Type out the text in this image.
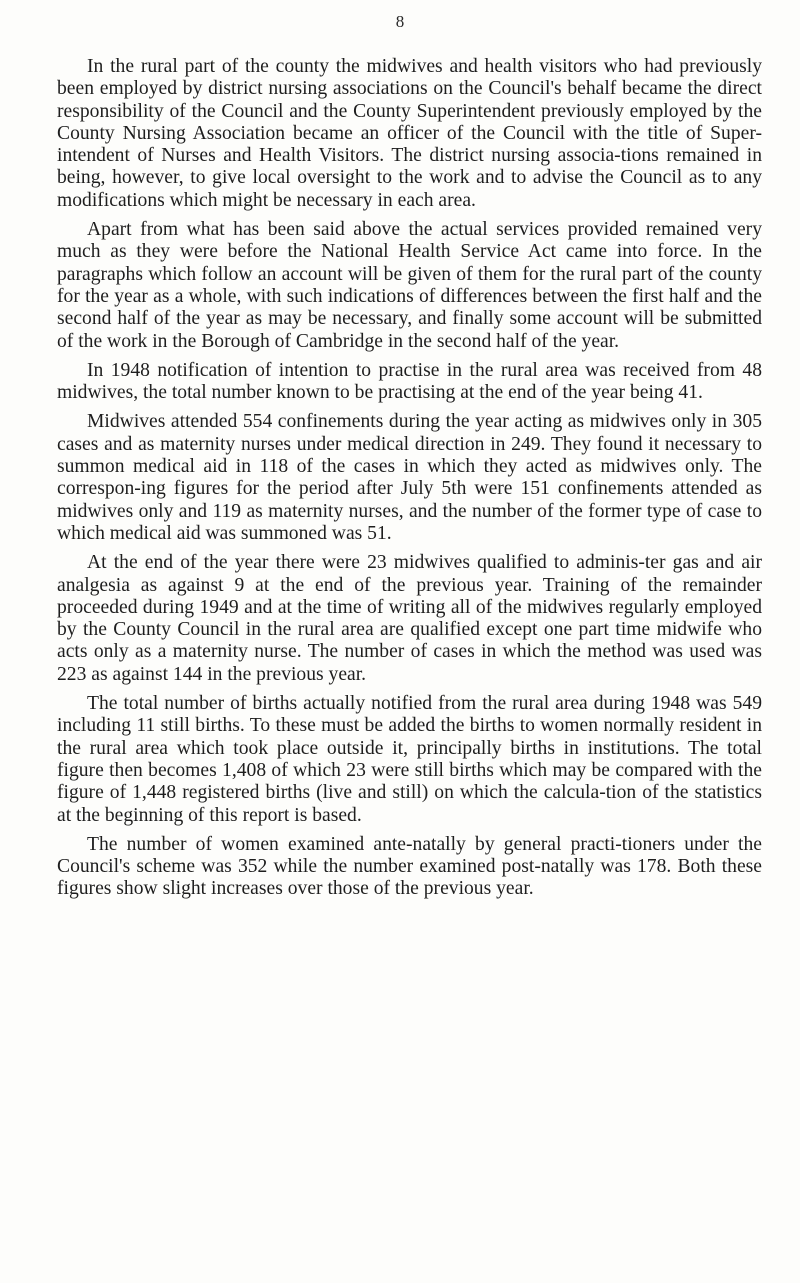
8

In the rural part of the county the midwives and health visitors who had previously been employed by district nursing associations on the Council's behalf became the direct responsibility of the Council and the County Superintendent previously employed by the County Nursing Association became an officer of the Council with the title of Super-intendent of Nurses and Health Visitors. The district nursing associa-tions remained in being, however, to give local oversight to the work and to advise the Council as to any modifications which might be necessary in each area.

Apart from what has been said above the actual services provided remained very much as they were before the National Health Service Act came into force. In the paragraphs which follow an account will be given of them for the rural part of the county for the year as a whole, with such indications of differences between the first half and the second half of the year as may be necessary, and finally some account will be submitted of the work in the Borough of Cambridge in the second half of the year.

In 1948 notification of intention to practise in the rural area was received from 48 midwives, the total number known to be practising at the end of the year being 41.

Midwives attended 554 confinements during the year acting as midwives only in 305 cases and as maternity nurses under medical direction in 249. They found it necessary to summon medical aid in 118 of the cases in which they acted as midwives only. The correspon-ing figures for the period after July 5th were 151 confinements attended as midwives only and 119 as maternity nurses, and the number of the former type of case to which medical aid was summoned was 51.

At the end of the year there were 23 midwives qualified to adminis-ter gas and air analgesia as against 9 at the end of the previous year. Training of the remainder proceeded during 1949 and at the time of writing all of the midwives regularly employed by the County Council in the rural area are qualified except one part time midwife who acts only as a maternity nurse. The number of cases in which the method was used was 223 as against 144 in the previous year.

The total number of births actually notified from the rural area during 1948 was 549 including 11 still births. To these must be added the births to women normally resident in the rural area which took place outside it, principally births in institutions. The total figure then becomes 1,408 of which 23 were still births which may be compared with the figure of 1,448 registered births (live and still) on which the calcula-tion of the statistics at the beginning of this report is based.

The number of women examined ante-natally by general practi-tioners under the Council's scheme was 352 while the number examined post-natally was 178. Both these figures show slight increases over those of the previous year.
